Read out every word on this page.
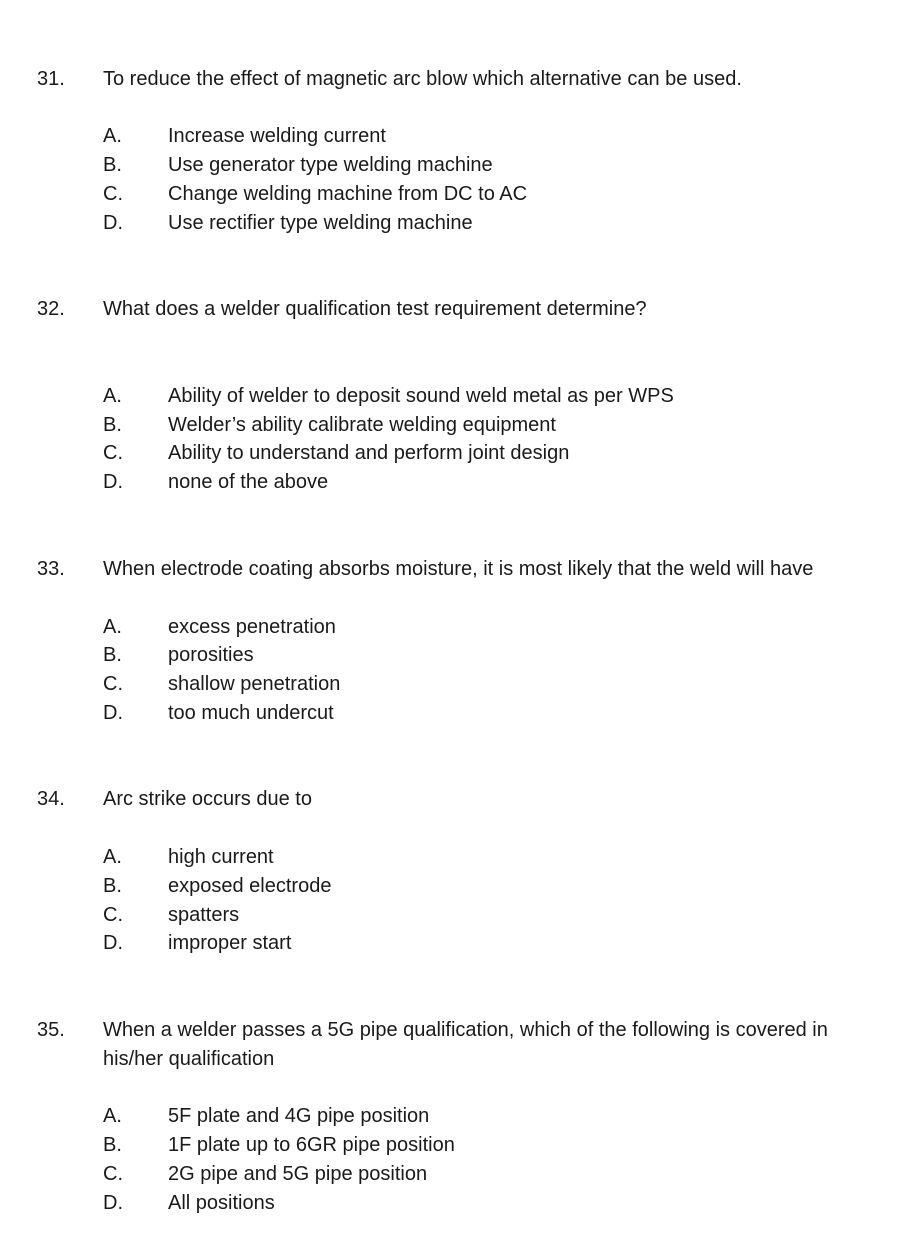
31. To reduce the effect of magnetic arc blow which alternative can be used.
A. Increase welding current
B. Use generator type welding machine
C. Change welding machine from DC to AC
D. Use rectifier type welding machine
32. What does a welder qualification test requirement determine?
A. Ability of welder to deposit sound weld metal as per WPS
B. Welder’s ability calibrate welding equipment
C. Ability to understand and perform joint design
D. none of the above
33. When electrode coating absorbs moisture, it is most likely that the weld will have
A. excess penetration
B. porosities
C. shallow penetration
D. too much undercut
34. Arc strike occurs due to
A. high current
B. exposed electrode
C. spatters
D. improper start
35. When a welder passes a 5G pipe qualification, which of the following is covered in his/her qualification
A. 5F plate and 4G pipe position
B. 1F plate up to 6GR pipe position
C. 2G pipe and 5G pipe position
D. All positions
